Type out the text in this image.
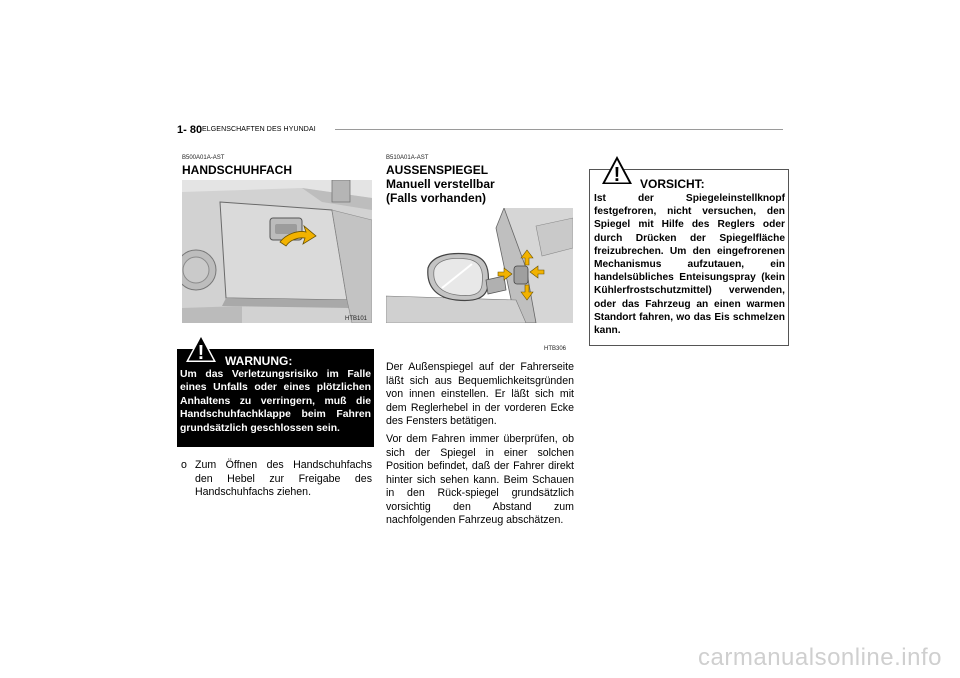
1- 80 ELGENSCHAFTEN DES HYUNDAI
B500A01A-AST
HANDSCHUHFACH
HTB101
WARNUNG:
Um das Verletzungsrisiko im Falle eines Unfalls oder eines plötzlichen Anhaltens zu verringern, muß die Handschuhfachklappe beim Fahren grundsätzlich geschlossen sein.
!
o Zum Öffnen des Handschuhfachs den Hebel zur Freigabe des Handschuhfachs ziehen.
B510A01A-AST
AUSSENSPIEGEL
Manuell verstellbar
(Falls vorhanden)
HTB306
Der Außenspiegel auf der Fahrerseite läßt sich aus Bequemlichkeitsgründen von innen einstellen. Er läßt sich mit dem Reglerhebel in der vorderen Ecke des Fensters betätigen.
Vor dem Fahren immer überprüfen, ob sich der Spiegel in einer solchen Position befindet, daß der Fahrer direkt hinter sich sehen kann. Beim Schauen in den Rück-spiegel grundsätzlich vorsichtig den Abstand zum nachfolgenden Fahrzeug abschätzen.
VORSICHT:
Ist der Spiegeleinstellknopf festgefroren, nicht versuchen, den Spiegel mit Hilfe des Reglers oder durch Drücken der Spiegelfläche freizubrechen. Um den eingefrorenen Mechanismus aufzutauen, ein handelsübliches Enteisungspray (kein Kühlerfrostschutzmittel) verwenden, oder das Fahrzeug an einen warmen Standort fahren, wo das Eis schmelzen kann.
!
carmanualsonline.info
